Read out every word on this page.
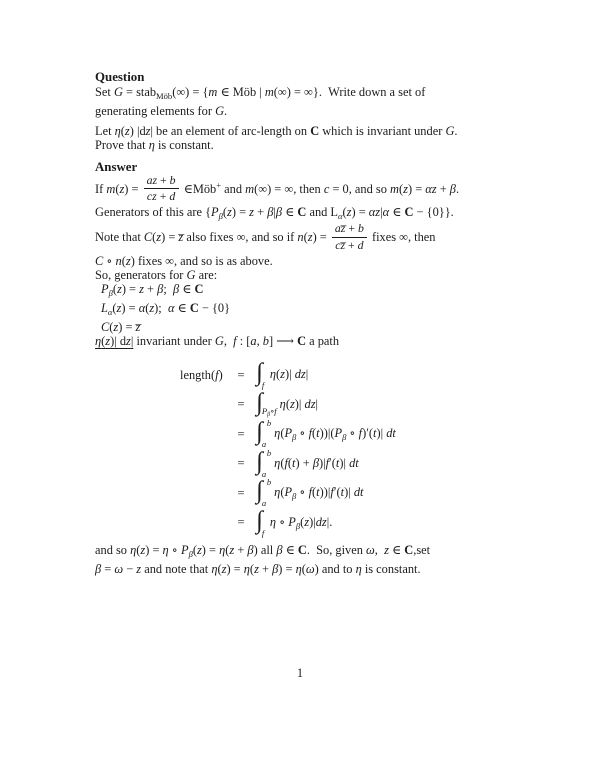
Question
Set G = stab$_{Möb}$(∞) = {m ∈ Möb | m(∞) = ∞}. Write down a set of
generating elements for G.
Let η(z) |dz| be an element of arc-length on C which is invariant under G.
Prove that η is constant.
Answer
If $m(z) = \frac{az + b}{cz + d}$ ∈Möb+ and m(∞) = ∞, then c = 0, and so m(z) = αz + β.
Generators of this are {$P_\beta(z) = z + \beta|\beta$ ∈ C and $L_\alpha(z) = \alpha z|\alpha$ ∈ C − {0}}.
Note that C(z) = z̅ also fixes ∞, and so if $n(z) = \frac{az̅ + b}{cz̅ + d}$ fixes ∞, then
C ∘ n(z) fixes ∞, and so is as above.
So, generators for G are:
$P_\beta(z) = z + \beta$; β ∈ C
$L_\alpha(z) = \alpha(z)$; α ∈ C − {0}
C(z) = z̅
η(z)| dz| invariant under G, f : [a, b] ⟶ C a path
length(f)	= ∫ f
η(z)| dz|
= ∫ $P_\beta\circ f$
η(z)| dz|
= ∫ b
a
$\eta(P_\beta$ ∘ $f(t))|(P_\beta$ ∘ f)′(t)| dt
= ∫ b
a
η(f(t) + β)|f′(t)| dt
= ∫ b
a
$\eta(P_\beta$ ∘ f(t))|f′(t)| dt
= ∫ f
η ∘ $P_\beta(z)|dz|$.
and so η(z) = η ∘ $P_\beta(z) = \eta(z + \beta)$ all β ∈ C. So, given ω, z ∈ C,set
β = ω − z and note that η(z) = η(z + β) = η(ω) and to η is constant.
1
